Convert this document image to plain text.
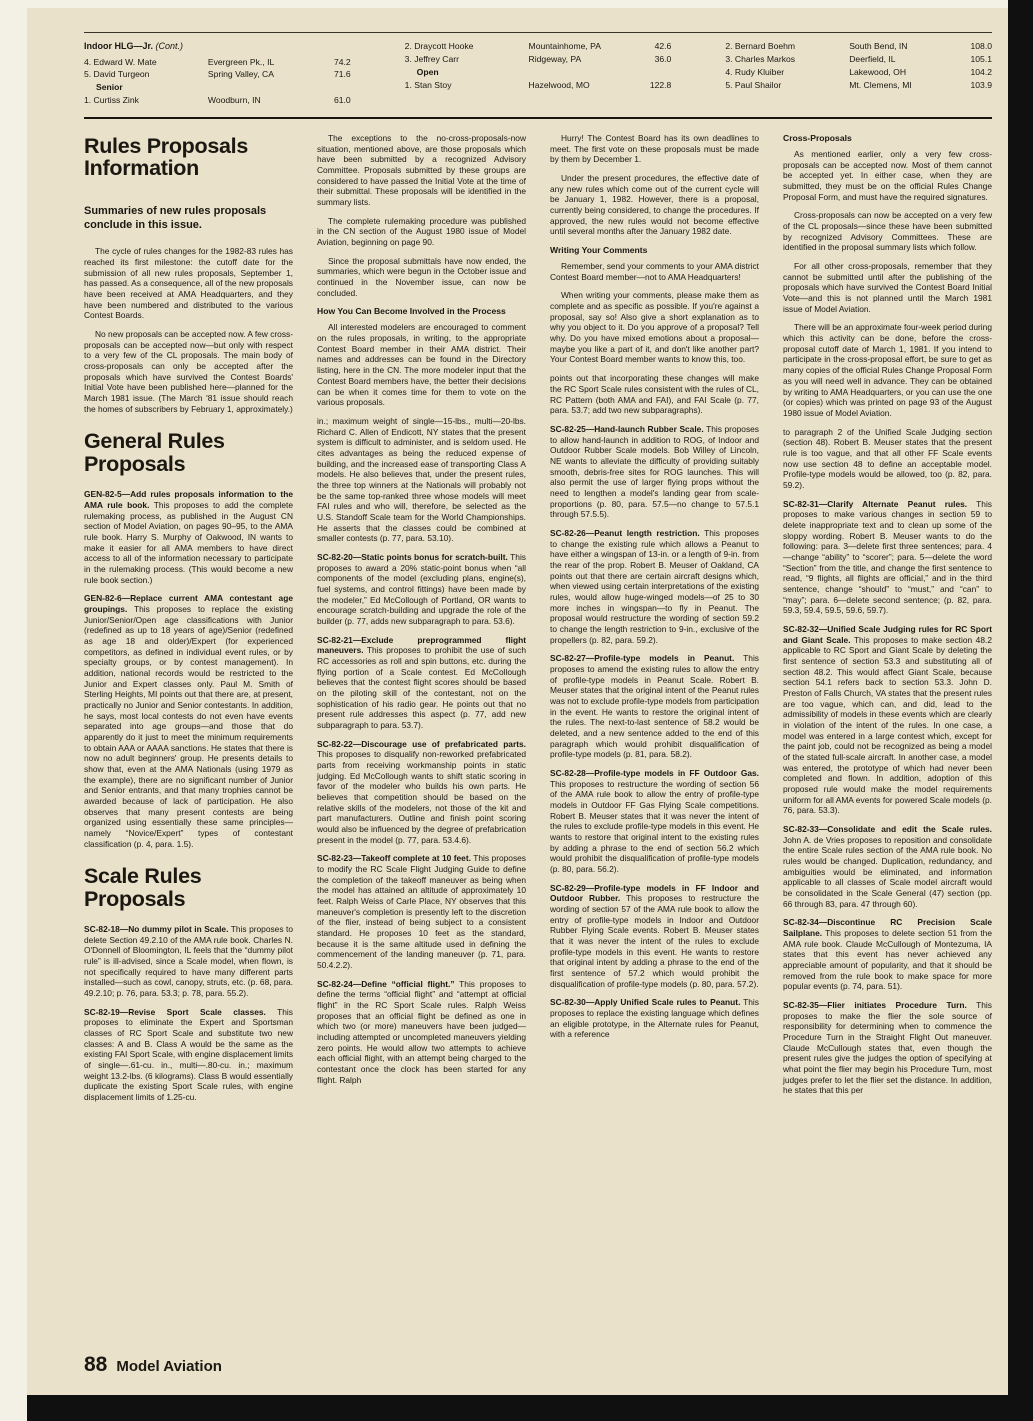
Indoor HLG—Jr. (Cont.)
4. Edward W. Mate	Evergreen Pk., IL	74.2
5. David Turgeon	Spring Valley, CA	71.6
Senior
1. Curtiss Zink	Woodburn, IN	61.0
2. Draycott Hooke	Mountainhome, PA	42.6
3. Jeffrey Carr	Ridgeway, PA	36.0
Open
1. Stan Stoy	Hazelwood, MO	122.8
2. Bernard Boehm	South Bend, IN	108.0
3. Charles Markos	Deerfield, IL	105.1
4. Rudy Kluiber	Lakewood, OH	104.2
5. Paul Shailor	Mt. Clemens, MI	103.9
Rules Proposals
Information
Summaries of new rules proposals conclude in this issue.

The cycle of rules changes for the 1982-83 rules has reached its first milestone: the cutoff date for the submission of all new rules proposals, September 1, has passed. As a consequence, all of the new proposals have been received at AMA Headquarters, and they have been numbered and distributed to the various Contest Boards.

No new proposals can be accepted now. A few cross-proposals can be accepted now—but only with respect to a very few of the CL proposals. The main body of cross-proposals can only be accepted after the proposals which have survived the Contest Boards' Initial Vote have been published here—planned for the March 1981 issue. (The March '81 issue should reach the homes of subscribers by February 1, approximately.)

General Rules
Proposals

GEN-82-5—Add rules proposals information to the AMA rule book. This proposes to add the complete rulemaking process, as published in the August CN section of Model Aviation, on pages 90–95, to the AMA rule book. Harry S. Murphy of Oakwood, IN wants to make it easier for all AMA members to have direct access to all of the information necessary to participate in the rulemaking process. (This would become a new rule book section.)

GEN-82-6—Replace current AMA contestant age groupings. This proposes to replace the existing Junior/Senior/Open age classifications with Junior (redefined as up to 18 years of age)/Senior (redefined as age 18 and older)/Expert (for experienced competitors, as defined in individual event rules, or by specialty groups, or by contest management). In addition, national records would be restricted to the Junior and Expert classes only. Paul M. Smith of Sterling Heights, MI points out that there are, at present, practically no Junior and Senior contestants. In addition, he says, most local contests do not even have events separated into age groups—and those that do apparently do it just to meet the minimum requirements to obtain AAA or AAAA sanctions. He states that there is now no adult beginners' group. He presents details to show that, even at the AMA Nationals (using 1979 as the example), there are no significant number of Junior and Senior entrants, and that many trophies cannot be awarded because of lack of participation. He also observes that many present contests are being organized using essentially these same principles—namely “Novice/Expert” types of contestant classification (p. 4, para. 1.5).

Scale Rules
Proposals

SC-82-18—No dummy pilot in Scale. This proposes to delete Section 49.2.10 of the AMA rule book. Charles N. O'Donnell of Bloomington, IL feels that the “dummy pilot rule” is ill-advised, since a Scale model, when flown, is not specifically required to have many different parts installed—such as cowl, canopy, struts, etc. (p. 68, para. 49.2.10; p. 76, para. 53.3; p. 78, para. 55.2).

SC-82-19—Revise Sport Scale classes. This proposes to eliminate the Expert and Sportsman classes of RC Sport Scale and substitute two new classes: A and B. Class A would be the same as the existing FAI Sport Scale, with engine displacement limits of single—.61-cu. in., multi—.80-cu. in.; maximum weight 13.2-lbs. (6 kilograms). Class B would essentially duplicate the existing Sport Scale rules, with engine displacement limits of 1.25-cu.

The exceptions to the no-cross-proposals-now situation, mentioned above, are those proposals which have been submitted by a recognized Advisory Committee. Proposals submitted by these groups are considered to have passed the Initial Vote at the time of their submittal. These proposals will be identified in the summary lists.

The complete rulemaking procedure was published in the CN section of the August 1980 issue of Model Aviation, beginning on page 90.

Since the proposal submittals have now ended, the summaries, which were begun in the October issue and continued in the November issue, can now be concluded.

How You Can Become Involved in the Process

All interested modelers are encouraged to comment on the rules proposals, in writing, to the appropriate Contest Board member in their AMA district. Their names and addresses can be found in the Directory listing, here in the CN. The more modeler input that the Contest Board members have, the better their decisions can be when it comes time for them to vote on the various proposals.

in.; maximum weight of single—15-lbs., multi—20-lbs. Richard C. Allen of Endicott, NY states that the present system is difficult to administer, and is seldom used. He cites advantages as being the reduced expense of building, and the increased ease of transporting Class A models. He also believes that, under the present rules, the three top winners at the Nationals will probably not be the same top-ranked three whose models will meet FAI rules and who will, therefore, be selected as the U.S. Standoff Scale team for the World Championships. He asserts that the classes could be combined at smaller contests (p. 77, para. 53.10).

SC-82-20—Static points bonus for scratch-built. This proposes to award a 20% static-point bonus when “all components of the model (excluding plans, engine(s), fuel systems, and control fittings) have been made by the modeler,” Ed McCollough of Portland, OR wants to encourage scratch-building and upgrade the role of the builder (p. 77, adds new subparagraph to para. 53.6).

SC-82-21—Exclude preprogrammed flight maneuvers. This proposes to prohibit the use of such RC accessories as roll and spin buttons, etc. during the flying portion of a Scale contest. Ed McCollough believes that the contest flight scores should be based on the piloting skill of the contestant, not on the sophistication of his radio gear. He points out that no present rule addresses this aspect (p. 77, add new subparagraph to para. 53.7).

SC-82-22—Discourage use of prefabricated parts. This proposes to disqualify non-reworked prefabricated parts from receiving workmanship points in static judging. Ed McCollough wants to shift static scoring in favor of the modeler who builds his own parts. He believes that competition should be based on the relative skills of the modelers, not those of the kit and part manufacturers. Outline and finish point scoring would also be influenced by the degree of prefabrication present in the model (p. 77, para. 53.4.6).

SC-82-23—Takeoff complete at 10 feet. This proposes to modify the RC Scale Flight Judging Guide to define the completion of the takeoff maneuver as being when the model has attained an altitude of approximately 10 feet. Ralph Weiss of Carle Place, NY observes that this maneuver's completion is presently left to the discretion of the flier, instead of being subject to a consistent standard. He proposes 10 feet as the standard, because it is the same altitude used in defining the commencement of the landing maneuver (p. 71, para. 50.4.2.2).

SC-82-24—Define “official flight.” This proposes to define the terms “official flight” and “attempt at official flight” in the RC Sport Scale rules. Ralph Weiss proposes that an official flight be defined as one in which two (or more) maneuvers have been judged—including attempted or uncompleted maneuvers yielding zero points. He would allow two attempts to achieve each official flight, with an attempt being charged to the contestant once the clock has been started for any flight. Ralph

Hurry! The Contest Board has its own deadlines to meet. The first vote on these proposals must be made by them by December 1.

Under the present procedures, the effective date of any new rules which come out of the current cycle will be January 1, 1982. However, there is a proposal, currently being considered, to change the procedures. If approved, the new rules would not become effective until several months after the January 1982 date.

Writing Your Comments

Remember, send your comments to your AMA district Contest Board member—not to AMA Headquarters!

When writing your comments, please make them as complete and as specific as possible. If you're against a proposal, say so! Also give a short explanation as to why you object to it. Do you approve of a proposal? Tell why. Do you have mixed emotions about a proposal—maybe you like a part of it, and don't like another part? Your Contest Board member wants to know this, too.

points out that incorporating these changes will make the RC Sport Scale rules consistent with the rules of CL, RC Pattern (both AMA and FAI), and FAI Scale (p. 77, para. 53.7; add two new subparagraphs).

SC-82-25—Hand-launch Rubber Scale. This proposes to allow hand-launch in addition to ROG, of Indoor and Outdoor Rubber Scale models. Bob Willey of Lincoln, NE wants to alleviate the difficulty of providing suitably smooth, debris-free sites for ROG launches. This will also permit the use of larger flying props without the need to lengthen a model's landing gear from scale-proportions (p. 80, para. 57.5—no change to 57.5.1 through 57.5.5).

SC-82-26—Peanut length restriction. This proposes to change the existing rule which allows a Peanut to have either a wingspan of 13-in. or a length of 9-in. from the rear of the prop. Robert B. Meuser of Oakland, CA points out that there are certain aircraft designs which, when viewed using certain interpretations of the existing rules, would allow huge-winged models—of 25 to 30 more inches in wingspan—to fly in Peanut. The proposal would restructure the wording of section 59.2 to change the length restriction to 9-in., exclusive of the propellers (p. 82, para. 59.2).

SC-82-27—Profile-type models in Peanut. This proposes to amend the existing rules to allow the entry of profile-type models in Peanut Scale. Robert B. Meuser states that the original intent of the Peanut rules was not to exclude profile-type models from participation in the event. He wants to restore the original intent of the rules. The next-to-last sentence of 58.2 would be deleted, and a new sentence added to the end of this paragraph which would prohibit disqualification of profile-type models (p. 81, para. 58.2).

SC-82-28—Profile-type models in FF Outdoor Gas. This proposes to restructure the wording of section 56 of the AMA rule book to allow the entry of profile-type models in Outdoor FF Gas Flying Scale competitions. Robert B. Meuser states that it was never the intent of the rules to exclude profile-type models in this event. He wants to restore that original intent to the existing rules by adding a phrase to the end of section 56.2 which would prohibit the disqualification of profile-type models (p. 80, para. 56.2).

SC-82-29—Profile-type models in FF Indoor and Outdoor Rubber. This proposes to restructure the wording of section 57 of the AMA rule book to allow the entry of profile-type models in Indoor and Outdoor Rubber Flying Scale events. Robert B. Meuser states that it was never the intent of the rules to exclude profile-type models in this event. He wants to restore that original intent by adding a phrase to the end of the first sentence of 57.2 which would prohibit the disqualification of profile-type models (p. 80, para. 57.2).

SC-82-30—Apply Unified Scale rules to Peanut. This proposes to replace the existing language which defines an eligible prototype, in the Alternate rules for Peanut, with a reference

Cross-Proposals

As mentioned earlier, only a very few cross-proposals can be accepted now. Most of them cannot be accepted yet. In either case, when they are submitted, they must be on the official Rules Change Proposal Form, and must have the required signatures.

Cross-proposals can now be accepted on a very few of the CL proposals—since these have been submitted by recognized Advisory Committees. These are identified in the proposal summary lists which follow.

For all other cross-proposals, remember that they cannot be submitted until after the publishing of the proposals which have survived the Contest Board Initial Vote—and this is not planned until the March 1981 issue of Model Aviation.

There will be an approximate four-week period during which this activity can be done, before the cross-proposal cutoff date of March 1, 1981. If you intend to participate in the cross-proposal effort, be sure to get as many copies of the official Rules Change Proposal Form as you will need well in advance. They can be obtained by writing to AMA Headquarters, or you can use the one (or copies) which was printed on page 93 of the August 1980 issue of Model Aviation.

to paragraph 2 of the Unified Scale Judging section (section 48). Robert B. Meuser states that the present rule is too vague, and that all other FF Scale events now use section 48 to define an acceptable model. Profile-type models would be allowed, too (p. 82, para. 59.2).

SC-82-31—Clarify Alternate Peanut rules. This proposes to make various changes in section 59 to delete inappropriate text and to clean up some of the sloppy wording. Robert B. Meuser wants to do the following: para. 3—delete first three sentences; para. 4—change “ability” to “scorer”; para. 5—delete the word “Section” from the title, and change the first sentence to read, “9 flights, all flights are official,” and in the third sentence, change “should” to “must,” and “can” to “may”; para. 6—delete second sentence; (p. 82, para. 59.3, 59.4, 59.5, 59.6, 59.7).

SC-82-32—Unified Scale Judging rules for RC Sport and Giant Scale. This proposes to make section 48.2 applicable to RC Sport and Giant Scale by deleting the first sentence of section 53.3 and substituting all of section 48.2. This would affect Giant Scale, because section 54.1 refers back to section 53.3. John D. Preston of Falls Church, VA states that the present rules are too vague, which can, and did, lead to the admissibility of models in these events which are clearly in violation of the intent of the rules. In one case, a model was entered in a large contest which, except for the paint job, could not be recognized as being a model of the stated full-scale aircraft. In another case, a model was entered, the prototype of which had never been completed and flown. In addition, adoption of this proposed rule would make the model requirements uniform for all AMA events for powered Scale models (p. 76, para. 53.3).

SC-82-33—Consolidate and edit the Scale rules. John A. de Vries proposes to reposition and consolidate the entire Scale rules section of the AMA rule book. No rules would be changed. Duplication, redundancy, and ambiguities would be eliminated, and information applicable to all classes of Scale model aircraft would be consolidated in the Scale General (47) section (pp. 66 through 83, para. 47 through 60).

SC-82-34—Discontinue RC Precision Scale Sailplane. This proposes to delete section 51 from the AMA rule book. Claude McCullough of Montezuma, IA states that this event has never achieved any appreciable amount of popularity, and that it should be removed from the rule book to make space for more popular events (p. 74, para. 51).

SC-82-35—Flier initiates Procedure Turn. This proposes to make the flier the sole source of responsibility for determining when to commence the Procedure Turn in the Straight Flight Out maneuver. Claude McCullough states that, even though the present rules give the judges the option of specifying at what point the flier may begin his Procedure Turn, most judges prefer to let the flier set the distance. In addition, he states that this per

88 Model Aviation
